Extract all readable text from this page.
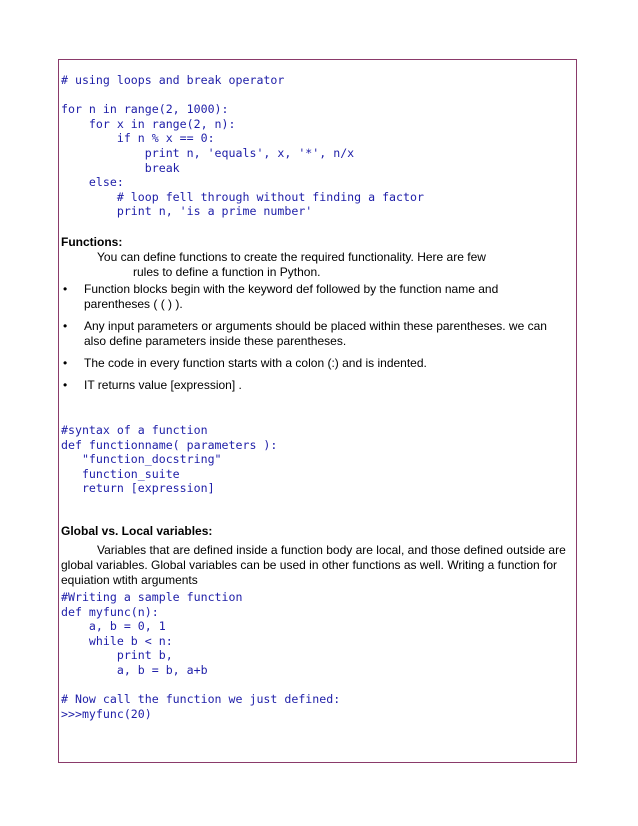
# using loops and break operator

for n in range(2, 1000):
for x in range(2, n):
if n % x == 0:
print n, 'equals', x, '*', n/x
break
else:
# loop fell through without finding a factor
print n, 'is a prime number'

Functions:

You can define functions to create the required functionality. Here are few

rules to define a function in Python.

• Function blocks begin with the keyword def followed by the function name and parentheses ( ( ) ).
• Any input parameters or arguments should be placed within these parentheses. we can also define parameters inside these parentheses.
• The code in every function starts with a colon (:) and is indented.
• IT returns value [expression] .
#syntax of a function
def functionname( parameters ):
"function_docstring"
function_suite
return [expression]

Global vs. Local variables:

Variables that are defined inside a function body are local, and those defined outside are global variables. Global variables can be used in other functions as well. Writing a function for equiation wtith arguments

#Writing a sample function
def myfunc(n):
a, b = 0, 1
while b < n:
print b,
a, b = b, a+b

# Now call the function we just defined:
>>>myfunc(20)
